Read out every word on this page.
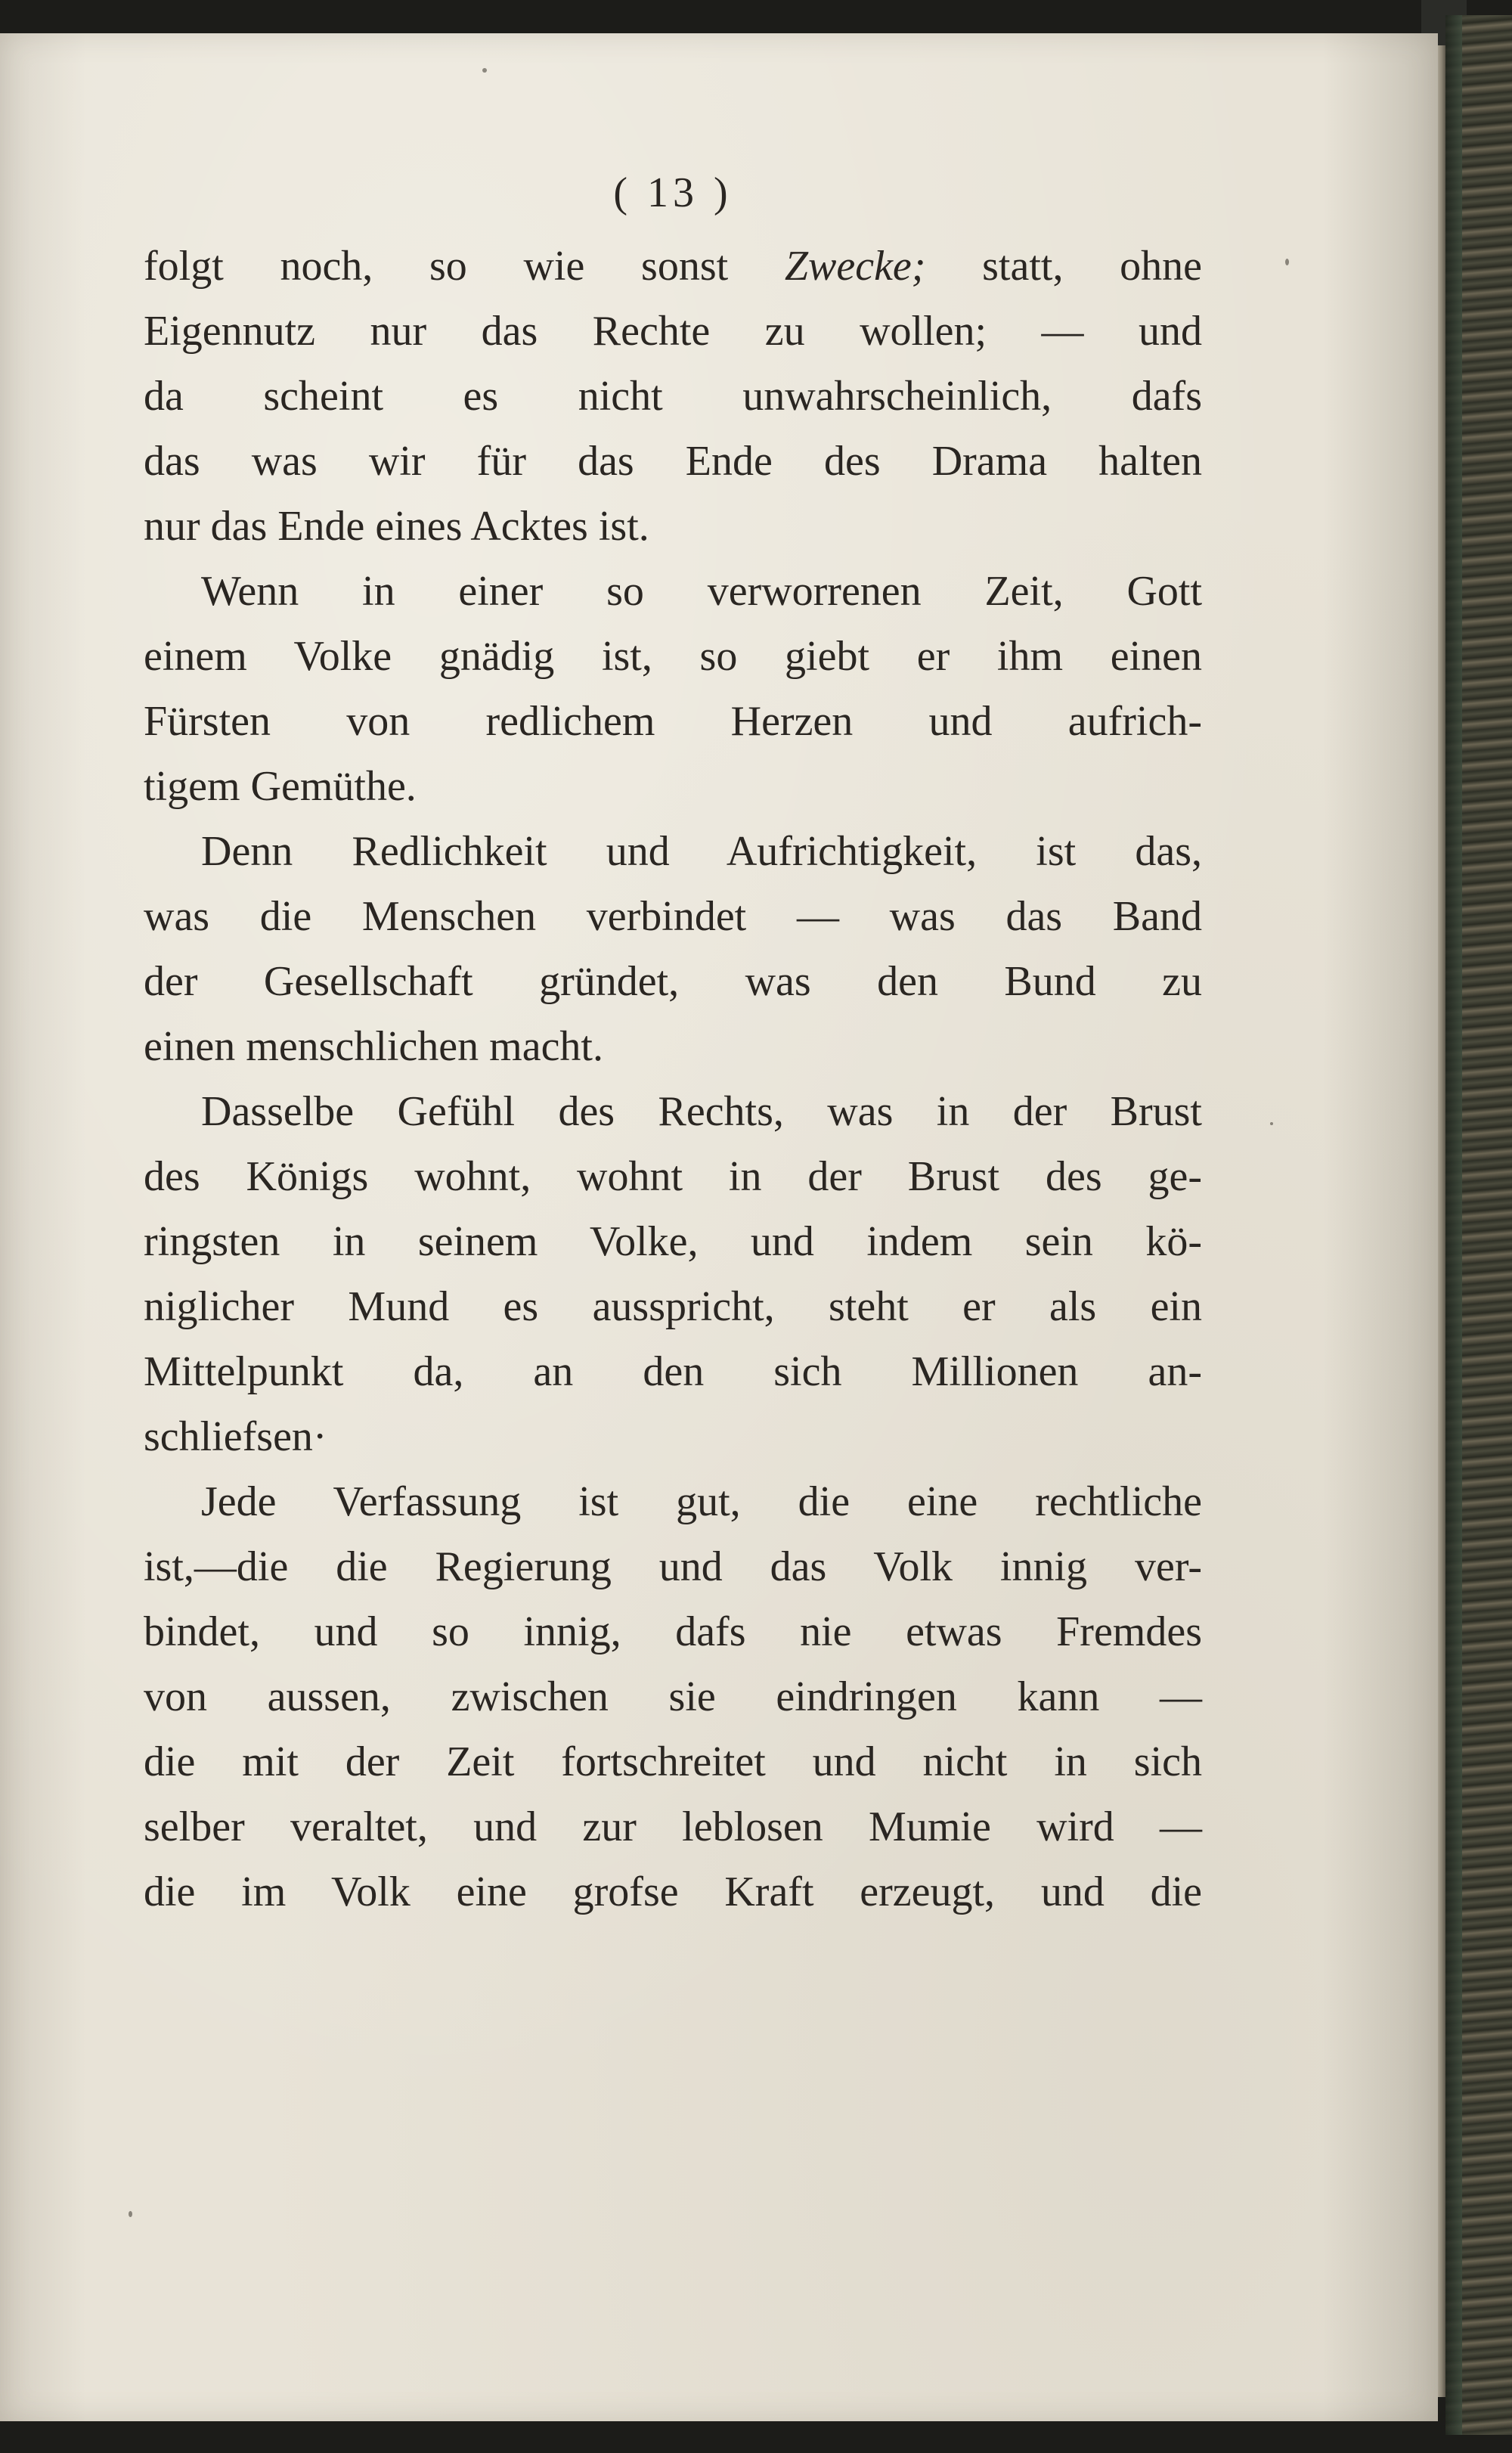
( 13 )
folgt noch, so wie sonst Zwecke; statt, ohne
Eigennutz nur das Rechte zu wollen; — und
da scheint es nicht unwahrscheinlich, dafs
das was wir für das Ende des Drama halten
nur das Ende eines Acktes ist.
Wenn in einer so verworrenen Zeit, Gott
einem Volke gnädig ist, so giebt er ihm einen
Fürsten von redlichem Herzen und aufrich-
tigem Gemüthe.
Denn Redlichkeit und Aufrichtigkeit, ist das,
was die Menschen verbindet — was das Band
der Gesellschaft gründet, was den Bund zu
einen menschlichen macht.
Dasselbe Gefühl des Rechts, was in der Brust
des Königs wohnt, wohnt in der Brust des ge-
ringsten in seinem Volke, und indem sein kö-
niglicher Mund es ausspricht, steht er als ein
Mittelpunkt da, an den sich Millionen an-
schliefsen·
Jede Verfassung ist gut, die eine rechtliche
ist,—die die Regierung und das Volk innig ver-
bindet, und so innig, dafs nie etwas Fremdes
von aussen, zwischen sie eindringen kann —
die mit der Zeit fortschreitet und nicht in sich
selber veraltet, und zur leblosen Mumie wird —
die im Volk eine grofse Kraft erzeugt, und die
